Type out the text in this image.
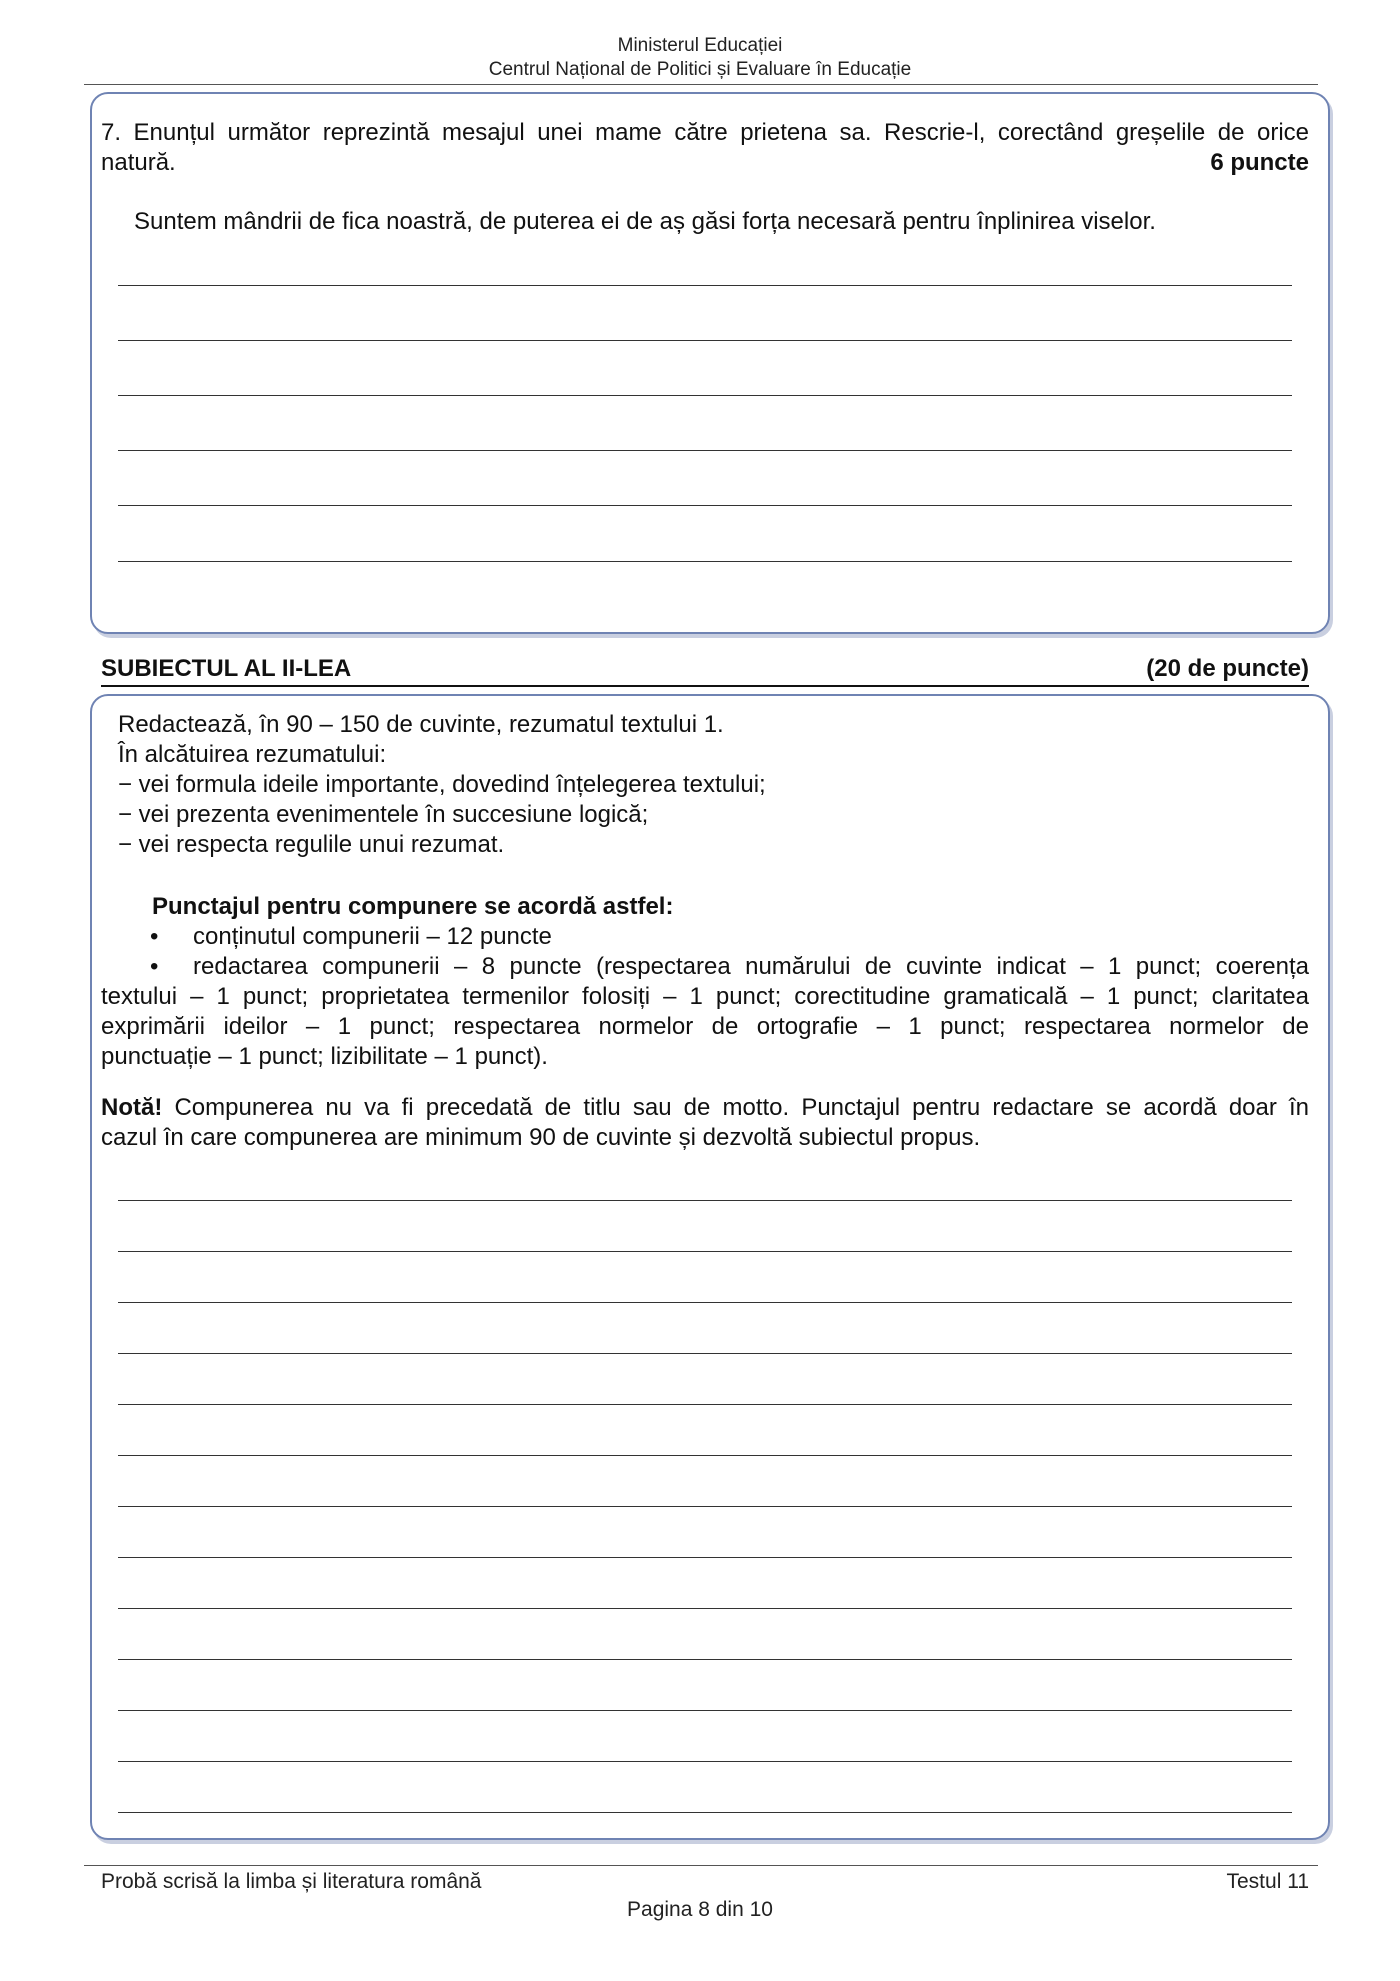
Ministerul Educației
Centrul Național de Politici și Evaluare în Educație
7. Enunțul următor reprezintă mesajul unei mame către prietena sa. Rescrie-l, corectând greșelile de orice
natură.	6 puncte
Suntem mândrii de fica noastră, de puterea ei de aș găsi forța necesară pentru înplinirea viselor.
SUBIECTUL AL II-LEA	(20 de puncte)
Redactează, în 90 – 150 de cuvinte, rezumatul textului 1.
În alcătuirea rezumatului:
− vei formula ideile importante, dovedind înțelegerea textului;
− vei prezenta evenimentele în succesiune logică;
− vei respecta regulile unui rezumat.
Punctajul pentru compunere se acordă astfel:
• conținutul compunerii – 12 puncte
• redactarea compunerii – 8 puncte (respectarea numărului de cuvinte indicat – 1 punct; coerența
textului – 1 punct; proprietatea termenilor folosiți – 1 punct; corectitudine gramaticală – 1 punct; claritatea
exprimării ideilor – 1 punct; respectarea normelor de ortografie – 1 punct; respectarea normelor de
punctuație – 1 punct; lizibilitate – 1 punct).
Notă! Compunerea nu va fi precedată de titlu sau de motto. Punctajul pentru redactare se acordă doar în
cazul în care compunerea are minimum 90 de cuvinte și dezvoltă subiectul propus.
Probă scrisă la limba și literatura română	Testul 11
Pagina 8 din 10
